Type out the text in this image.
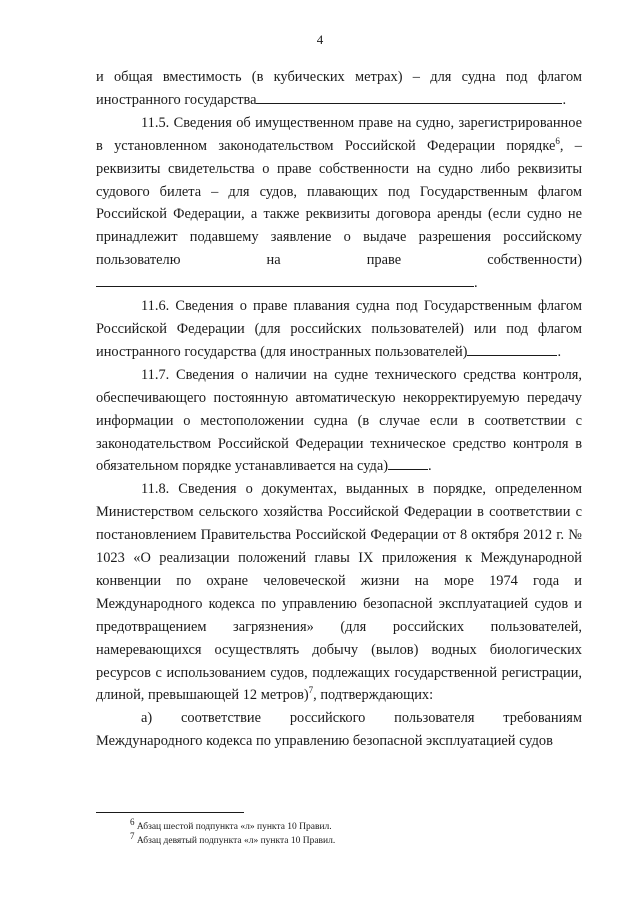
4

и общая вместимость (в кубических метрах) – для судна под флагом иностранного государства	.

11.5. Сведения об имущественном праве на судно, зарегистрированное в установленном законодательством Российской Федерации порядке$^6$, – реквизиты свидетельства о праве собственности на судно либо реквизиты судового билета – для судов, плавающих под Государственным флагом Российской Федерации, а также реквизиты договора аренды (если судно не принадлежит подавшему заявление о выдаче разрешения российскому пользователю на праве собственности).

11.6. Сведения о праве плавания судна под Государственным флагом Российской Федерации (для российских пользователей) или под флагом иностранного государства (для иностранных пользователей)	.

11.7. Сведения о наличии на судне технического средства контроля, обеспечивающего постоянную автоматическую некорректируемую передачу информации о местоположении судна (в случае если в соответствии с законодательством Российской Федерации техническое средство контроля в обязательном порядке устанавливается на суда)	.

11.8. Сведения о документах, выданных в порядке, определенном Министерством сельского хозяйства Российской Федерации в соответствии с постановлением Правительства Российской Федерации от 8 октября 2012 г. № 1023 «О реализации положений главы IX приложения к Международной конвенции по охране человеческой жизни на море 1974 года и Международного кодекса по управлению безопасной эксплуатацией судов и предотвращением загрязнения» (для российских пользователей, намеревающихся осуществлять добычу (вылов) водных биологических ресурсов с использованием судов, подлежащих государственной регистрации, длиной, превышающей 12 метров)$^7$, подтверждающих:

а) соответствие российского пользователя требованиям Международного кодекса по управлению безопасной эксплуатацией судов

$^6$ Абзац шестой подпункта «л» пункта 10 Правил.
$^7$ Абзац девятый подпункта «л» пункта 10 Правил.
